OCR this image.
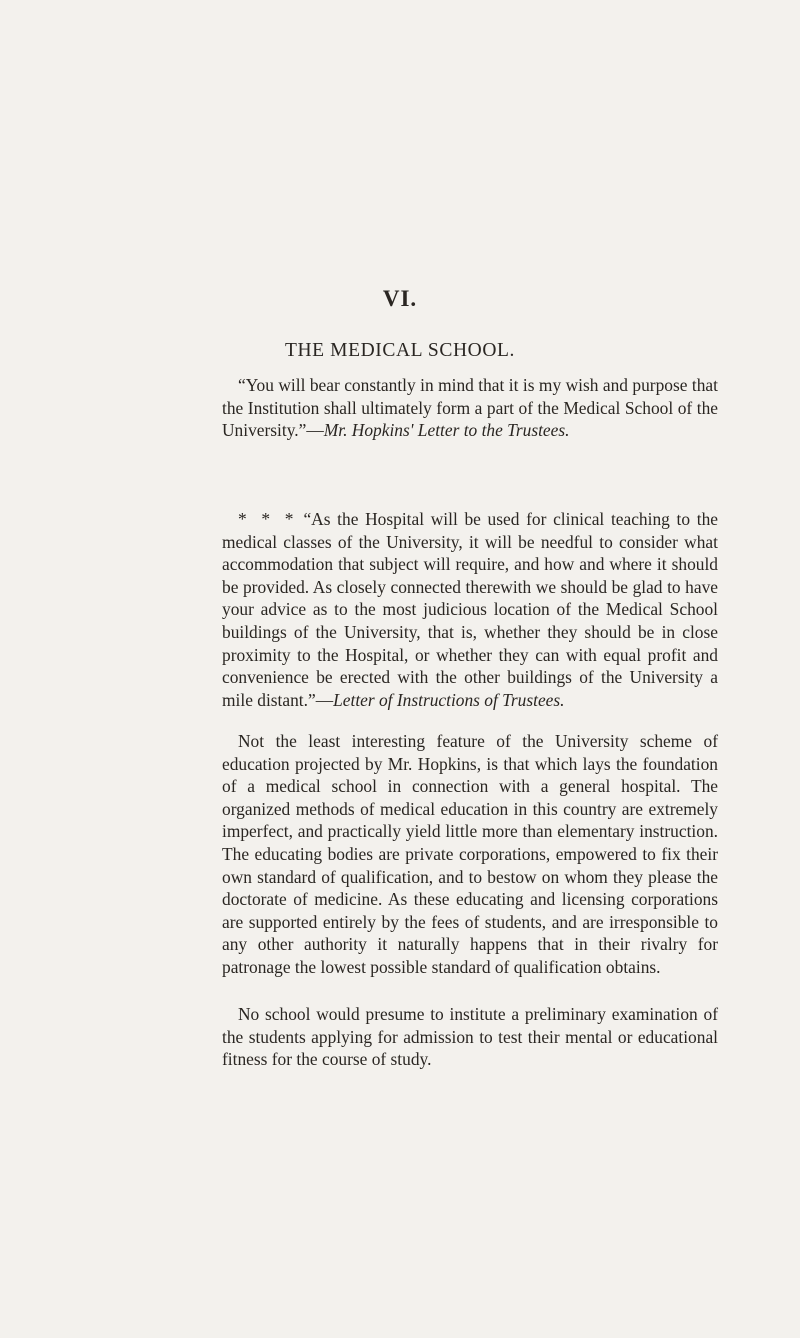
VI.
THE MEDICAL SCHOOL.

“You will bear constantly in mind that it is my wish and purpose that the Institution shall ultimately form a part of the Medical School of the University.”—Mr. Hopkins' Letter to the Trustees.

* * * “As the Hospital will be used for clinical teaching to the medical classes of the University, it will be needful to consider what accommodation that subject will require, and how and where it should be provided. As closely connected therewith we should be glad to have your advice as to the most judicious location of the Medical School buildings of the University, that is, whether they should be in close proximity to the Hospital, or whether they can with equal profit and convenience be erected with the other buildings of the University a mile distant.”—Letter of Instructions of Trustees.

Not the least interesting feature of the University scheme of education projected by Mr. Hopkins, is that which lays the foundation of a medical school in connection with a general hospital. The organized methods of medical education in this country are extremely imperfect, and practically yield little more than elementary instruction. The educating bodies are private corporations, empowered to fix their own standard of qualification, and to bestow on whom they please the doctorate of medicine. As these educating and licensing corporations are supported entirely by the fees of students, and are irresponsible to any other authority it naturally happens that in their rivalry for patronage the lowest possible standard of qualification obtains.

No school would presume to institute a preliminary examination of the students applying for admission to test their mental or educational fitness for the course of study.
